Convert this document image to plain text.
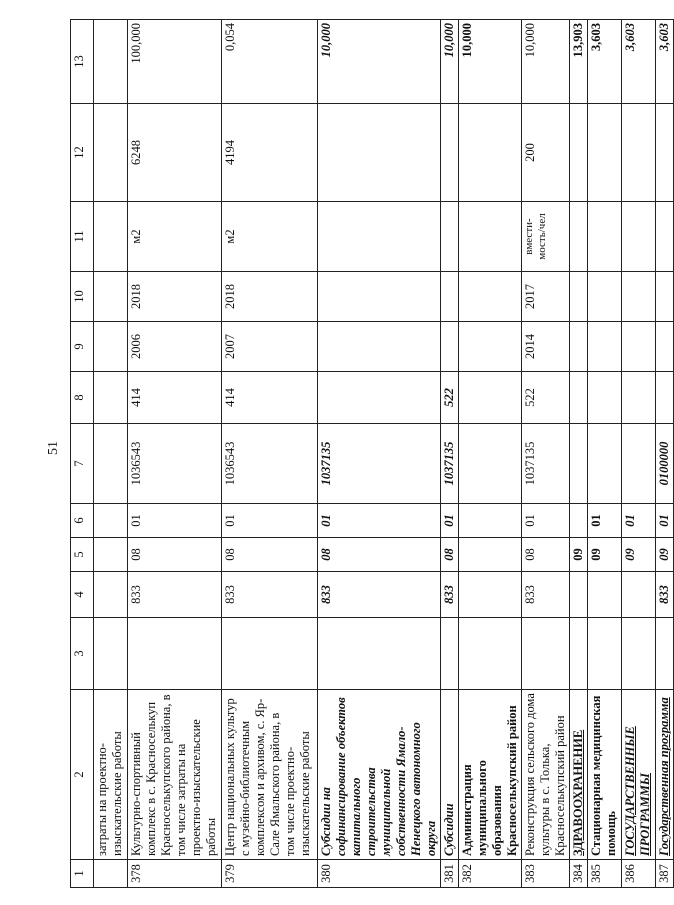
51
1	2	3	4	5	6	7	8	9	10	11	12	13
	затраты на проектно-изыскательские работы											
378	Культурно-спортивный комплекс в с. Красноселькуп Красноселькупского района, в том числе затраты на проектно-изыскательские работы		833	08	01	1036543	414	2006	2018	м2	6248	100,000
379	Центр национальных культур с музейно-библиотечным комплексом и архивом, с. Яр-Сале Ямальского района, в том числе проектно-изыскательские работы		833	08	01	1036543	414	2007	2018	м2	4194	0,054
380	Субсидии на софинансирование объектов капитального строительства муниципальной собственности Ямало-Ненецкого автономного округа		833	08	01	1037135						10,000
381	Субсидии		833	08	01	1037135	522					10,000
382	Администрация муниципального образования Красноселькупский район											10,000
383	Реконструкция сельского дома культуры в с. Толька, Красноселькупский район		833	08	01	1037135	522	2014	2017	вмести-мость/чел	200	10,000
384	ЗДРАВООХРАНЕНИЕ			09								13,903
385	Стационарная медицинская помощь			09	01							3,603
386	ГОСУДАРСТВЕННЫЕ ПРОГРАММЫ			09	01							3,603
387	Государственная программа		833	09	01	0100000						3,603
